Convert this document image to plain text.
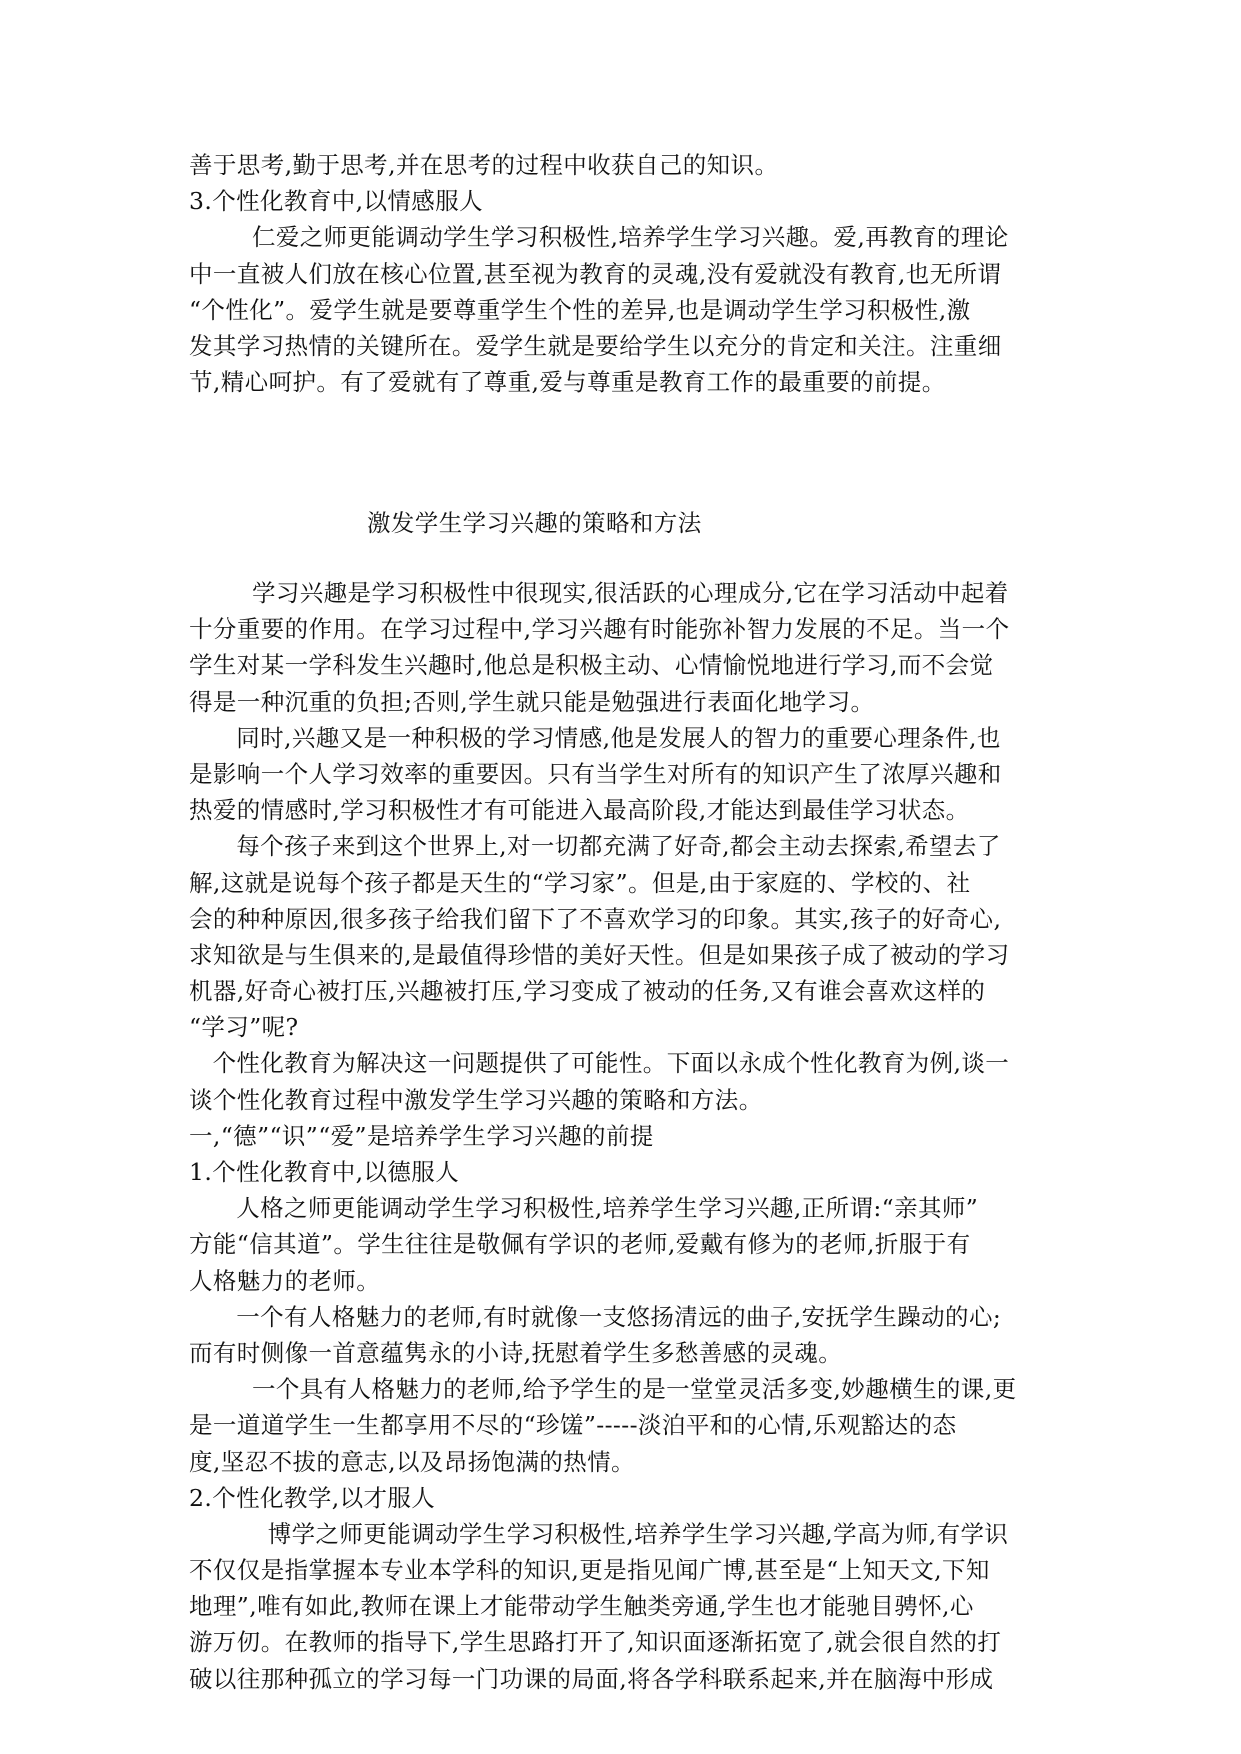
善于思考,勤于思考,并在思考的过程中收获自己的知识。
3.个性化教育中,以情感服人
仁爱之师更能调动学生学习积极性,培养学生学习兴趣。爱,再教育的理论
中一直被人们放在核心位置,甚至视为教育的灵魂,没有爱就没有教育,也无所谓
“个性化”。爱学生就是要尊重学生个性的差异,也是调动学生学习积极性,激
发其学习热情的关键所在。爱学生就是要给学生以充分的肯定和关注。注重细
节,精心呵护。有了爱就有了尊重,爱与尊重是教育工作的最重要的前提。
激发学生学习兴趣的策略和方法
学习兴趣是学习积极性中很现实,很活跃的心理成分,它在学习活动中起着
十分重要的作用。在学习过程中,学习兴趣有时能弥补智力发展的不足。当一个
学生对某一学科发生兴趣时,他总是积极主动、心情愉悦地进行学习,而不会觉
得是一种沉重的负担;否则,学生就只能是勉强进行表面化地学习。
同时,兴趣又是一种积极的学习情感,他是发展人的智力的重要心理条件,也
是影响一个人学习效率的重要因。只有当学生对所有的知识产生了浓厚兴趣和
热爱的情感时,学习积极性才有可能进入最高阶段,才能达到最佳学习状态。
每个孩子来到这个世界上,对一切都充满了好奇,都会主动去探索,希望去了
解,这就是说每个孩子都是天生的“学习家”。但是,由于家庭的、学校的、社
会的种种原因,很多孩子给我们留下了不喜欢学习的印象。其实,孩子的好奇心,
求知欲是与生俱来的,是最值得珍惜的美好天性。但是如果孩子成了被动的学习
机器,好奇心被打压,兴趣被打压,学习变成了被动的任务,又有谁会喜欢这样的
“学习”呢?
个性化教育为解决这一问题提供了可能性。下面以永成个性化教育为例,谈一
谈个性化教育过程中激发学生学习兴趣的策略和方法。
一,“德”“识”“爱”是培养学生学习兴趣的前提
1.个性化教育中,以德服人
人格之师更能调动学生学习积极性,培养学生学习兴趣,正所谓:“亲其师”
方能“信其道”。学生往往是敬佩有学识的老师,爱戴有修为的老师,折服于有
人格魅力的老师。
一个有人格魅力的老师,有时就像一支悠扬清远的曲子,安抚学生躁动的心;
而有时侧像一首意蕴隽永的小诗,抚慰着学生多愁善感的灵魂。
一个具有人格魅力的老师,给予学生的是一堂堂灵活多变,妙趣横生的课,更
是一道道学生一生都享用不尽的“珍馐”-----淡泊平和的心情,乐观豁达的态
度,坚忍不拔的意志,以及昂扬饱满的热情。
2.个性化教学,以才服人
博学之师更能调动学生学习积极性,培养学生学习兴趣,学高为师,有学识
不仅仅是指掌握本专业本学科的知识,更是指见闻广博,甚至是“上知天文,下知
地理”,唯有如此,教师在课上才能带动学生触类旁通,学生也才能驰目骋怀,心
游万仞。在教师的指导下,学生思路打开了,知识面逐渐拓宽了,就会很自然的打
破以往那种孤立的学习每一门功课的局面,将各学科联系起来,并在脑海中形成
